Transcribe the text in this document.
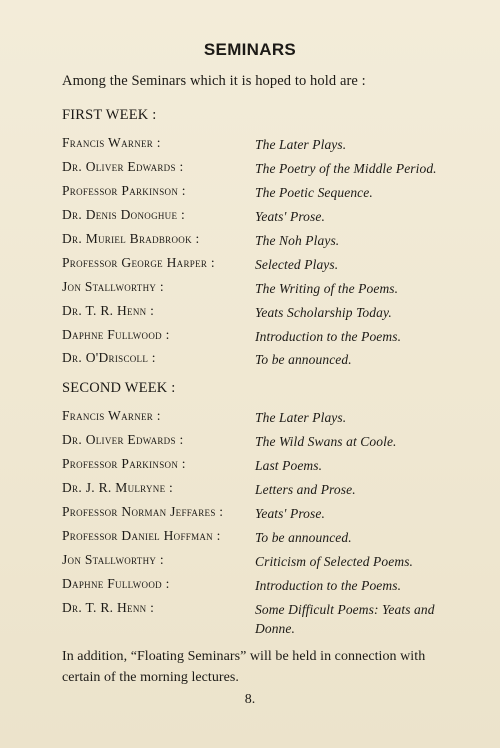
SEMINARS
Among the Seminars which it is hoped to hold are :
FIRST WEEK :
Francis Warner :	The Later Plays.
Dr. Oliver Edwards :	The Poetry of the Middle Period.
Professor Parkinson :	The Poetic Sequence.
Dr. Denis Donoghue :	Yeats' Prose.
Dr. Muriel Bradbrook :	The Noh Plays.
Professor George Harper :	Selected Plays.
Jon Stallworthy :	The Writing of the Poems.
Dr. T. R. Henn :	Yeats Scholarship Today.
Daphne Fullwood :	Introduction to the Poems.
Dr. O'Driscoll :	To be announced.
SECOND WEEK :
Francis Warner :	The Later Plays.
Dr. Oliver Edwards :	The Wild Swans at Coole.
Professor Parkinson :	Last Poems.
Dr. J. R. Mulryne :	Letters and Prose.
Professor Norman Jeffares : Yeats' Prose.
Professor Daniel Hoffman :	To be announced.
Jon Stallworthy :	Criticism of Selected Poems.
Daphne Fullwood :	Introduction to the Poems.
Dr. T. R. Henn :	Some Difficult Poems: Yeats and Donne.
In addition, “Floating Seminars” will be held in connection with certain of the morning lectures.
8.
